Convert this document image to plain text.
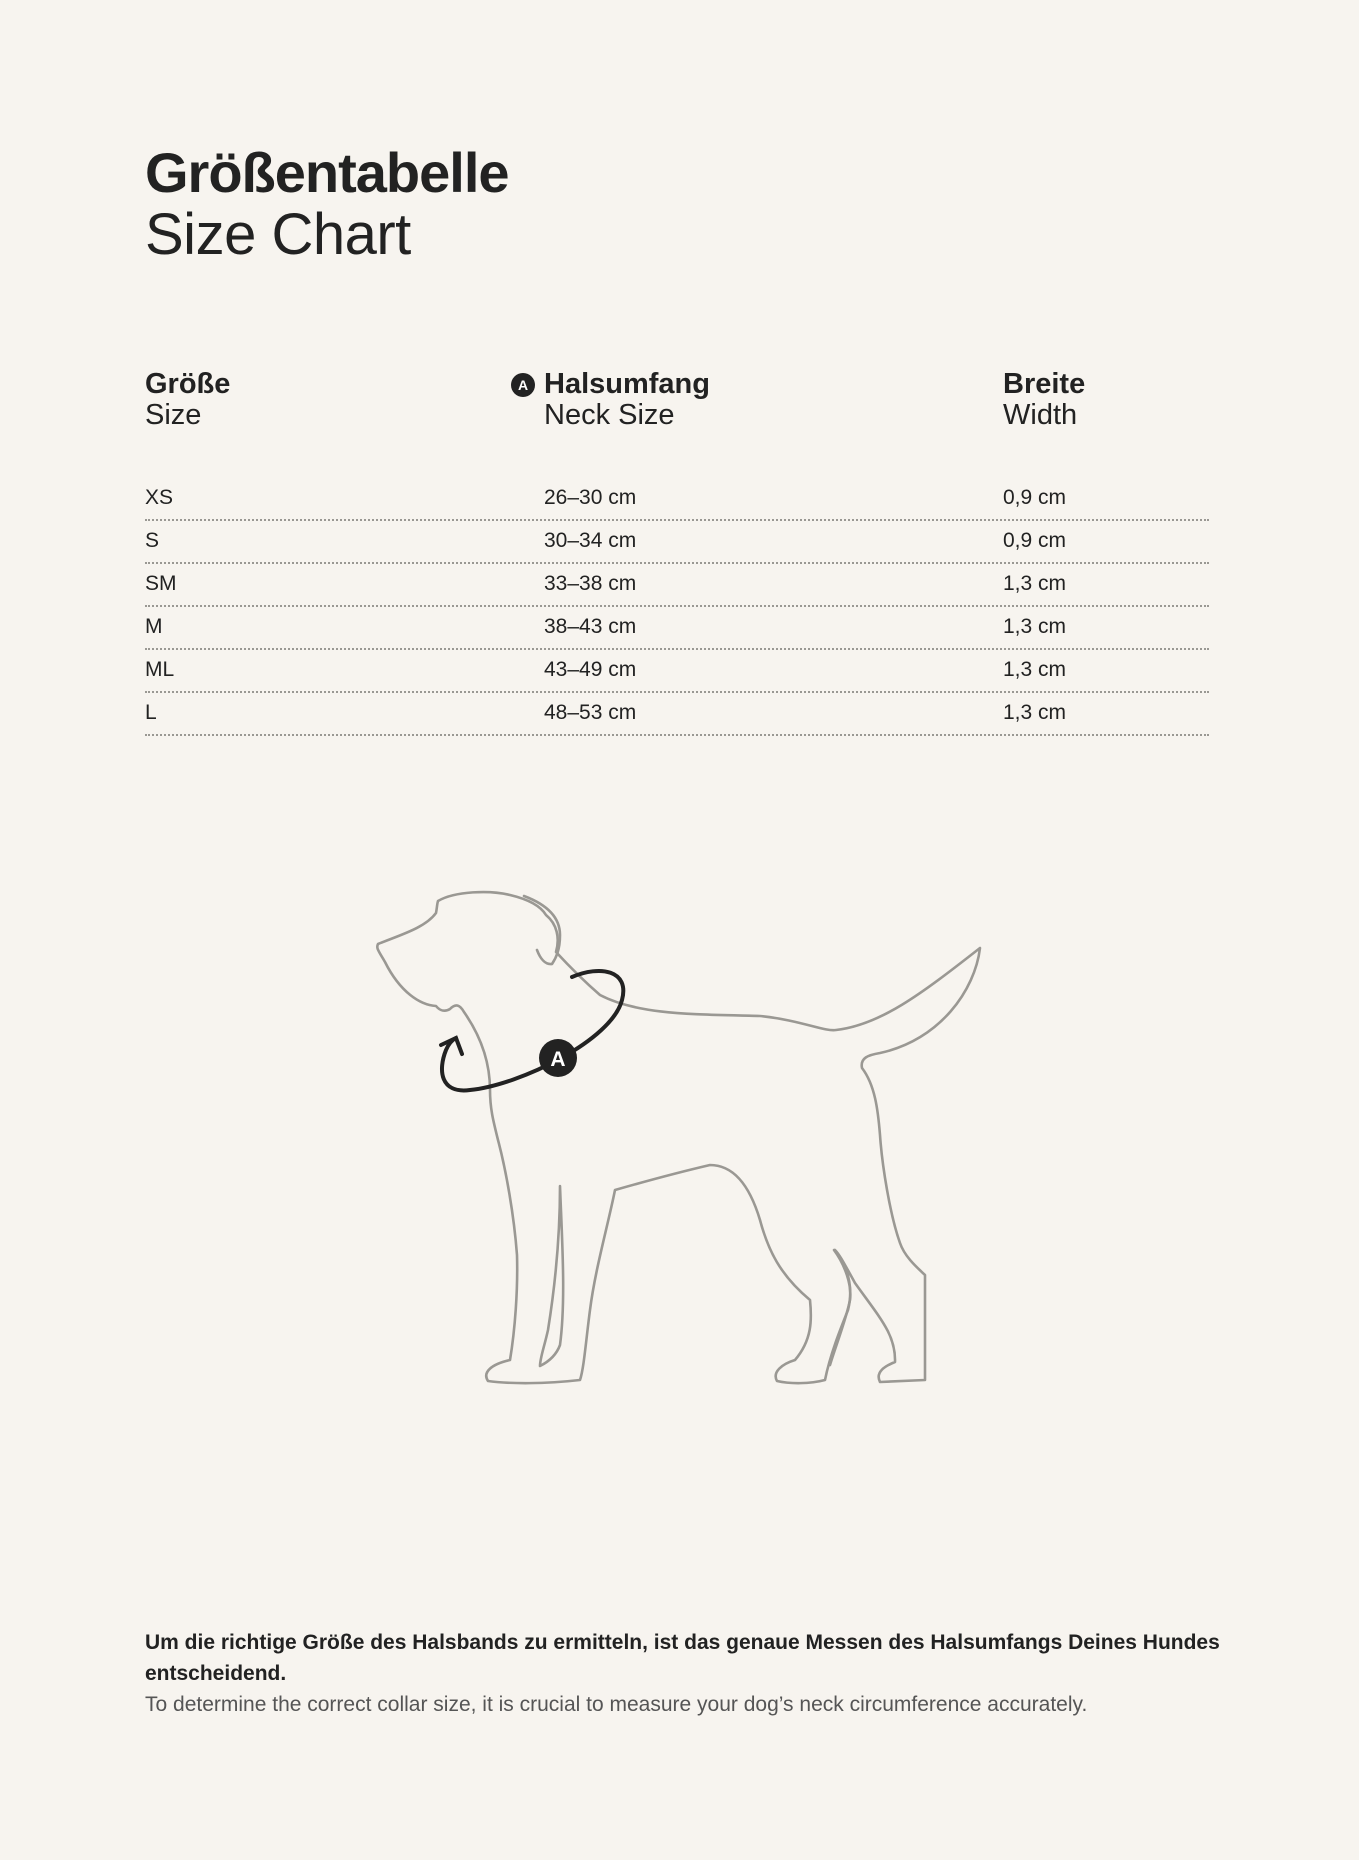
Größentabelle
Size Chart
Größe
Size
A Halsumfang
Neck Size
Breite
Width
XS	26–30 cm	0,9 cm
S	30–34 cm	0,9 cm
SM	33–38 cm	1,3 cm
M	38–43 cm	1,3 cm
ML	43–49 cm	1,3 cm
L	48–53 cm	1,3 cm
A
Um die richtige Größe des Halsbands zu ermitteln, ist das genaue Messen des Halsumfangs Deines Hundes entscheidend.
To determine the correct collar size, it is crucial to measure your dog’s neck circumference accurately.
